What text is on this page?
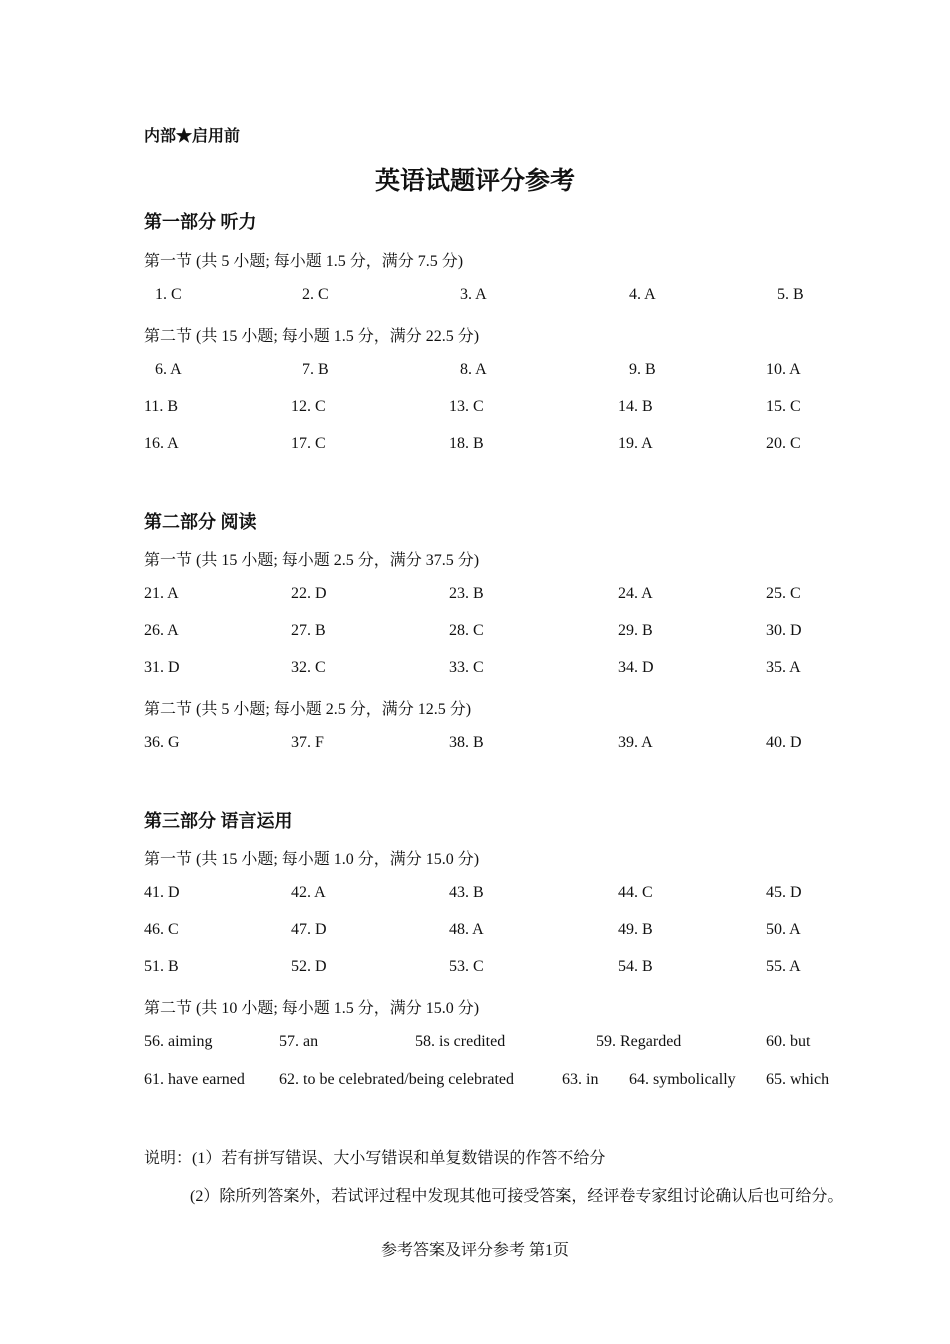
内部★启用前
英语试题评分参考
第一部分 听力
第一节 (共 5 小题; 每小题 1.5 分，满分 7.5 分)
1. C	2. C	3. A	4. A	5. B
第二节 (共 15 小题; 每小题 1.5 分，满分 22.5 分)
6. A	7. B	8. A	9. B	10. A
11. B	12. C	13. C	14. B	15. C
16. A	17. C	18. B	19. A	20. C
第二部分 阅读
第一节 (共 15 小题; 每小题 2.5 分，满分 37.5 分)
21. A	22. D	23. B	24. A	25. C
26. A	27. B	28. C	29. B	30. D
31. D	32. C	33. C	34. D	35. A
第二节 (共 5 小题; 每小题 2.5 分，满分 12.5 分)
36. G	37. F	38. B	39. A	40. D
第三部分 语言运用
第一节 (共 15 小题; 每小题 1.0 分，满分 15.0 分)
41. D	42. A	43. B	44. C	45. D
46. C	47. D	48. A	49. B	50. A
51. B	52. D	53. C	54. B	55. A
第二节 (共 10 小题; 每小题 1.5 分，满分 15.0 分)
56. aiming	57. an	58. is credited	59. Regarded	60. but
61. have earned 62. to be celebrated/being celebrated	63. in 64. symbolically 65. which
说明：(1）若有拼写错误、大小写错误和单复数错误的作答不给分
(2）除所列答案外，若试评过程中发现其他可接受答案，经评卷专家组讨论确认后也可给分。
参考答案及评分参考 第1页
